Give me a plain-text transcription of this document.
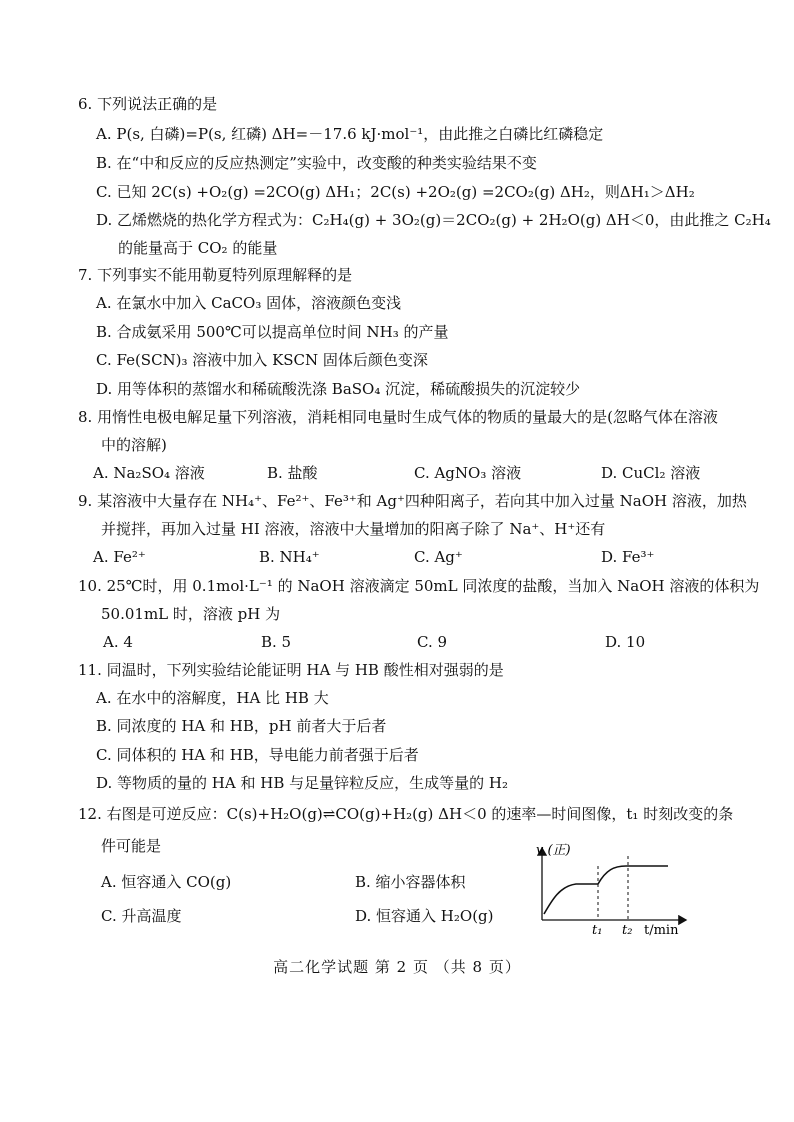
6. 下列说法正确的是
A. P(s, 白磷)=P(s, 红磷) ΔH=－17.6 kJ·mol⁻¹，由此推之白磷比红磷稳定
B. 在“中和反应的反应热测定”实验中，改变酸的种类实验结果不变
C. 已知 2C(s) +O₂(g) =2CO(g) ΔH₁；2C(s) +2O₂(g) =2CO₂(g) ΔH₂，则ΔH₁＞ΔH₂
D. 乙烯燃烧的热化学方程式为：C₂H₄(g) + 3O₂(g)＝2CO₂(g) + 2H₂O(g) ΔH＜0，由此推之 C₂H₄
的能量高于 CO₂ 的能量
7. 下列事实不能用勒夏特列原理解释的是
A. 在氯水中加入 CaCO₃ 固体，溶液颜色变浅
B. 合成氨采用 500℃可以提高单位时间 NH₃ 的产量
C. Fe(SCN)₃ 溶液中加入 KSCN 固体后颜色变深
D. 用等体积的蒸馏水和稀硫酸洗涤 BaSO₄ 沉淀，稀硫酸损失的沉淀较少
8. 用惰性电极电解足量下列溶液，消耗相同电量时生成气体的物质的量最大的是(忽略气体在溶液
中的溶解)
A. Na₂SO₄ 溶液	B. 盐酸	C. AgNO₃ 溶液	D. CuCl₂ 溶液
9. 某溶液中大量存在 NH₄⁺、Fe²⁺、Fe³⁺和 Ag⁺四种阳离子，若向其中加入过量 NaOH 溶液，加热
并搅拌，再加入过量 HI 溶液，溶液中大量增加的阳离子除了 Na⁺、H⁺还有
A. Fe²⁺	B. NH₄⁺	C. Ag⁺	D. Fe³⁺
10. 25℃时，用 0.1mol·L⁻¹ 的 NaOH 溶液滴定 50mL 同浓度的盐酸，当加入 NaOH 溶液的体积为
50.01mL 时，溶液 pH 为
A. 4	B. 5	C. 9	D. 10
11. 同温时，下列实验结论能证明 HA 与 HB 酸性相对强弱的是
A. 在水中的溶解度，HA 比 HB 大
B. 同浓度的 HA 和 HB，pH 前者大于后者
C. 同体积的 HA 和 HB，导电能力前者强于后者
D. 等物质的量的 HA 和 HB 与足量锌粒反应，生成等量的 H₂
12. 右图是可逆反应：C(s)+H₂O(g)⇌CO(g)+H₂(g) ΔH＜0 的速率—时间图像，t₁ 时刻改变的条
件可能是
A. 恒容通入 CO(g)	B. 缩小容器体积
C. 升高温度	D. 恒容通入 H₂O(g)
v (正)
t₁ t₂ t/min
高二化学试题 第 2 页 （共 8 页）
